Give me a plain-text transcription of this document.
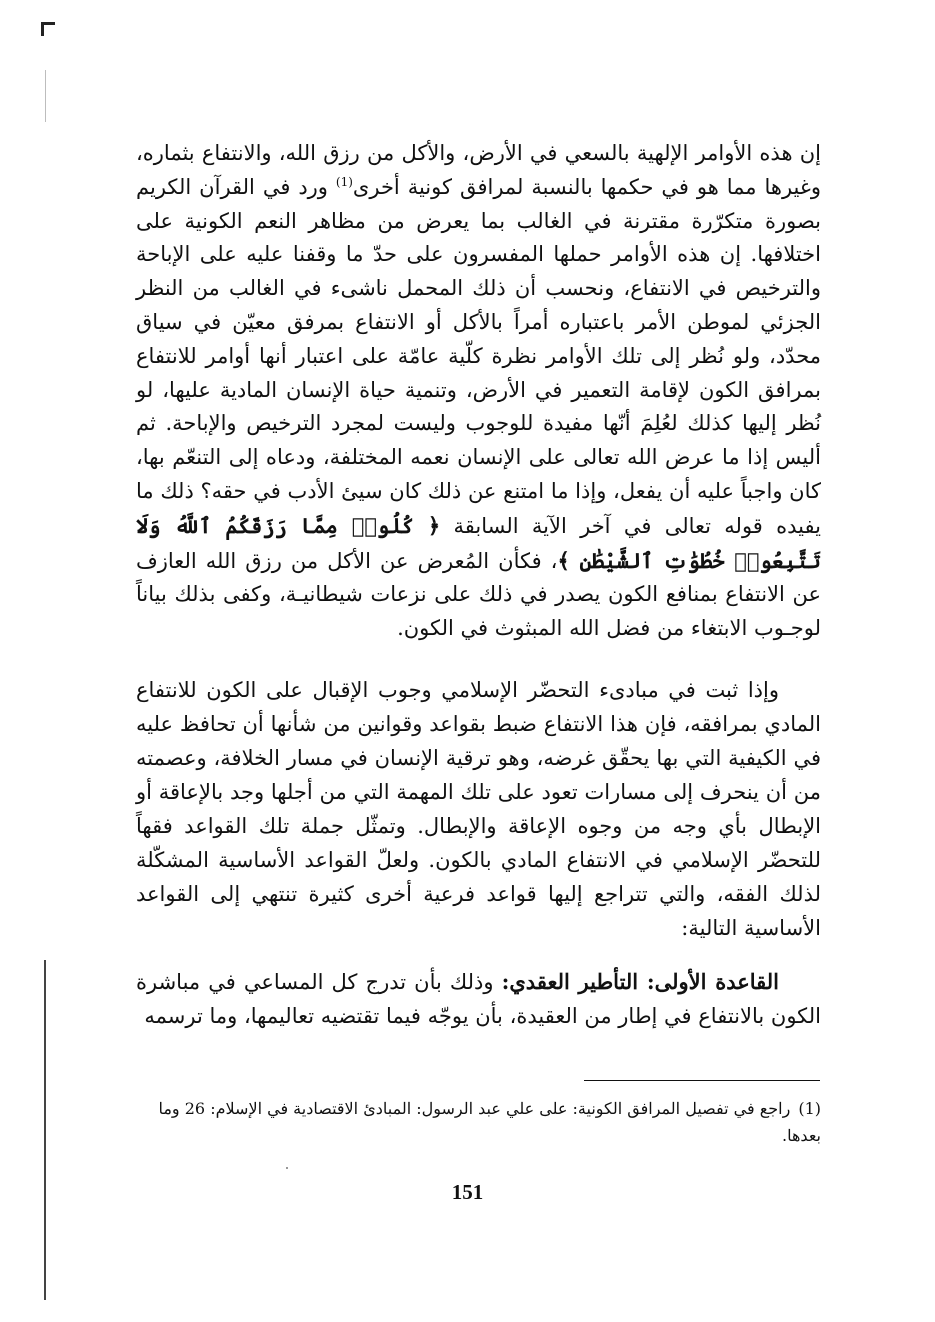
إن هذه الأوامر الإلهية بالسعي في الأرض، والأكل من رزق الله، والانتفاع بثماره، وغيرها مما هو في حكمها بالنسبة لمرافق كونية أخرى$^{(1)}$ ورد في القرآن الكريم بصورة متكرّرة مقترنة في الغالب بما يعرض من مظاهر النعم الكونية على اختلافها. إن هذه الأوامر حملها المفسرون على حدّ ما وقفنا عليه على الإباحة والترخيص في الانتفاع، ونحسب أن ذلك المحمل ناشىء في الغالب من النظر الجزئي لموطن الأمر باعتباره أمراً بالأكل أو الانتفاع بمرفق معيّن في سياق محدّد، ولو نُظر إلى تلك الأوامر نظرة كلّية عامّة على اعتبار أنها أوامر للانتفاع بمرافق الكون لإقامة التعمير في الأرض، وتنمية حياة الإنسان المادية عليها، لو نُظر إليها كذلك لعُلِمَ أنّها مفيدة للوجوب وليست لمجرد الترخيص والإباحة. ثم أليس إذا ما عرض الله تعالى على الإنسان نعمه المختلفة، ودعاه إلى التنعّم بها، كان واجباً عليه أن يفعل، وإذا ما امتنع عن ذلك كان سيئ الأدب في حقه؟ ذلك ما يفيده قوله تعالى في آخر الآية السابقة ﴿ كُلُوا۟ مِمَّا رَزَقَكُمُ ٱللَّهُ وَلَا تَتَّبِعُوا۟ خُطُوَٰتِ ٱلشَّيْطَٰنِ ﴾، فكأن المُعرض عن الأكل من رزق الله العازف عن الانتفاع بمنافع الكون يصدر في ذلك على نزعات شيطانيـة، وكفى بذلك بياناً لوجـوب الابتغاء من فضل الله المبثوث في الكون.

  وإذا ثبت في مبادىء التحضّر الإسلامي وجوب الإقبال على الكون للانتفاع المادي بمرافقه، فإن هذا الانتفاع ضبط بقواعد وقوانين من شأنها أن تحافظ عليه في الكيفية التي بها يحقّق غرضه، وهو ترقية الإنسان في مسار الخلافة، وعصمته من أن ينحرف إلى مسارات تعود على تلك المهمة التي من أجلها وجد بالإعاقة أو الإبطال بأي وجه من وجوه الإعاقة والإبطال. وتمثّل جملة تلك القواعد فقهاً للتحضّر الإسلامي في الانتفاع المادي بالكون. ولعلّ القواعد الأساسية المشكّلة لذلك الفقه، والتي تتراجع إليها قواعد فرعية أخرى كثيرة تنتهي إلى القواعد الأساسية التالية:

  القاعدة الأولى: التأطير العقدي: وذلك بأن تدرج كل المساعي في مباشرة الكون بالانتفاع في إطار من العقيدة، بأن يوجّه فيما تقتضيه تعاليمها، وما ترسمه

(1) راجع في تفصيل المرافق الكونية: على علي عبد الرسول: المبادئ الاقتصادية في الإسلام: 26 وما بعدها.
151
